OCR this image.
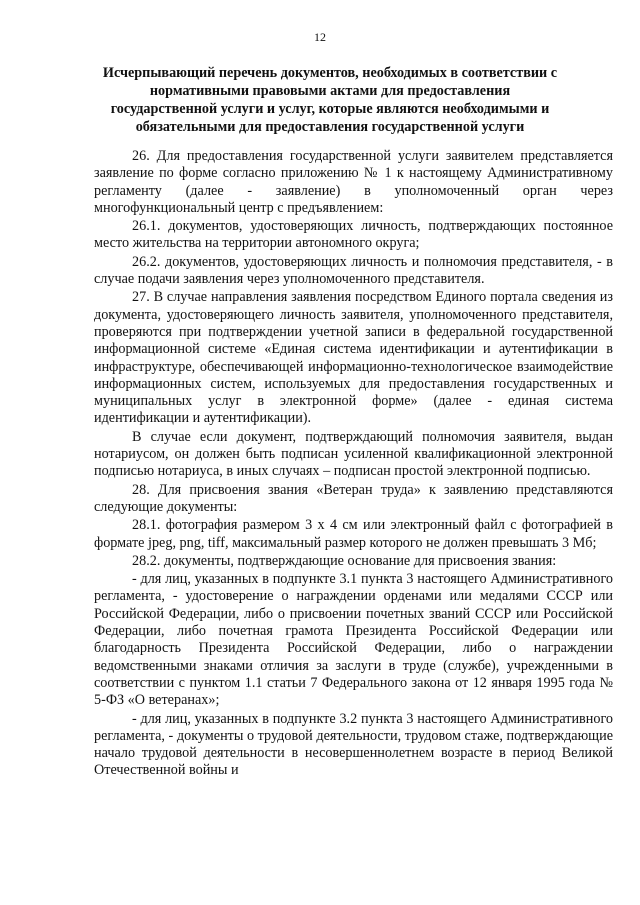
12
Исчерпывающий перечень документов, необходимых в соответствии с нормативными правовыми актами для предоставления государственной услуги и услуг, которые являются необходимыми и обязательными для предоставления государственной услуги

26. Для предоставления государственной услуги заявителем представляется заявление по форме согласно приложению № 1 к настоящему Административному регламенту (далее - заявление) в уполномоченный орган через многофункциональный центр с предъявлением:

26.1. документов, удостоверяющих личность, подтверждающих постоянное место жительства на территории автономного округа;

26.2. документов, удостоверяющих личность и полномочия представителя, - в случае подачи заявления через уполномоченного представителя.

27. В случае направления заявления посредством Единого портала сведения из документа, удостоверяющего личность заявителя, уполномоченного представителя, проверяются при подтверждении учетной записи в федеральной государственной информационной системе «Единая система идентификации и аутентификации в инфраструктуре, обеспечивающей информационно-технологическое взаимодействие информационных систем, используемых для предоставления государственных и муниципальных услуг в электронной форме» (далее - единая система идентификации и аутентификации).

В случае если документ, подтверждающий полномочия заявителя, выдан нотариусом, он должен быть подписан усиленной квалификационной электронной подписью нотариуса, в иных случаях – подписан простой электронной подписью.

28. Для присвоения звания «Ветеран труда» к заявлению представляются следующие документы:

28.1. фотография размером 3 х 4 см или электронный файл с фотографией в формате jpeg, png, tiff, максимальный размер которого не должен превышать 3 Мб;

28.2. документы, подтверждающие основание для присвоения звания:

- для лиц, указанных в подпункте 3.1 пункта 3 настоящего Административного регламента, - удостоверение о награждении орденами или медалями СССР или Российской Федерации, либо о присвоении почетных званий СССР или Российской Федерации, либо почетная грамота Президента Российской Федерации или благодарность Президента Российской Федерации, либо о награждении ведомственными знаками отличия за заслуги в труде (службе), учрежденными в соответствии с пунктом 1.1 статьи 7 Федерального закона от 12 января 1995 года № 5-ФЗ «О ветеранах»;

- для лиц, указанных в подпункте 3.2 пункта 3 настоящего Административного регламента, - документы о трудовой деятельности, трудовом стаже, подтверждающие начало трудовой деятельности в несовершеннолетнем возрасте в период Великой Отечественной войны и
